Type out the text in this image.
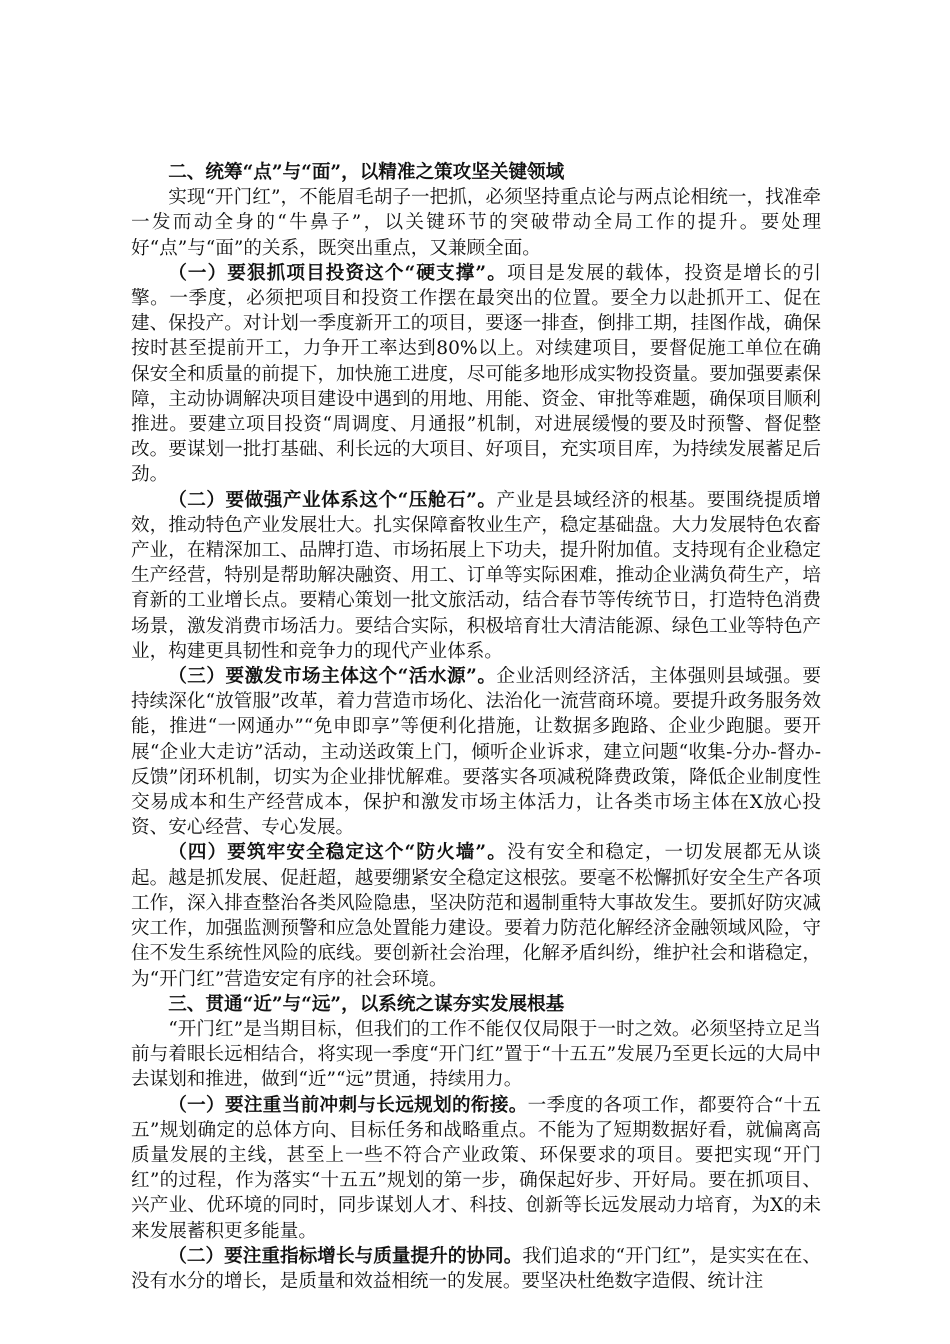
二、统筹“点”与“面”，以精准之策攻坚关键领域

实现“开门红”，不能眉毛胡子一把抓，必须坚持重点论与两点论相统一，找准牵一发而动全身的“牛鼻子”，以关键环节的突破带动全局工作的提升。要处理好“点”与“面”的关系，既突出重点，又兼顾全面。

（一）要狠抓项目投资这个“硬支撑”。项目是发展的载体，投资是增长的引擎。一季度，必须把项目和投资工作摆在最突出的位置。要全力以赴抓开工、促在建、保投产。对计划一季度新开工的项目，要逐一排查，倒排工期，挂图作战，确保按时甚至提前开工，力争开工率达到80%以上。对续建项目，要督促施工单位在确保安全和质量的前提下，加快施工进度，尽可能多地形成实物投资量。要加强要素保障，主动协调解决项目建设中遇到的用地、用能、资金、审批等难题，确保项目顺利推进。要建立项目投资“周调度、月通报”机制，对进展缓慢的要及时预警、督促整改。要谋划一批打基础、利长远的大项目、好项目，充实项目库，为持续发展蓄足后劲。

（二）要做强产业体系这个“压舱石”。产业是县域经济的根基。要围绕提质增效，推动特色产业发展壮大。扎实保障畜牧业生产，稳定基础盘。大力发展特色农畜产业，在精深加工、品牌打造、市场拓展上下功夫，提升附加值。支持现有企业稳定生产经营，特别是帮助解决融资、用工、订单等实际困难，推动企业满负荷生产，培育新的工业增长点。要精心策划一批文旅活动，结合春节等传统节日，打造特色消费场景，激发消费市场活力。要结合实际，积极培育壮大清洁能源、绿色工业等特色产业，构建更具韧性和竞争力的现代产业体系。

（三）要激发市场主体这个“活水源”。企业活则经济活，主体强则县域强。要持续深化“放管服”改革，着力营造市场化、法治化一流营商环境。要提升政务服务效能，推进“一网通办”“免申即享”等便利化措施，让数据多跑路、企业少跑腿。要开展“企业大走访”活动，主动送政策上门，倾听企业诉求，建立问题“收集-分办-督办-反馈”闭环机制，切实为企业排忧解难。要落实各项减税降费政策，降低企业制度性交易成本和生产经营成本，保护和激发市场主体活力，让各类市场主体在X放心投资、安心经营、专心发展。

（四）要筑牢安全稳定这个“防火墙”。没有安全和稳定，一切发展都无从谈起。越是抓发展、促赶超，越要绷紧安全稳定这根弦。要毫不松懈抓好安全生产各项工作，深入排查整治各类风险隐患，坚决防范和遏制重特大事故发生。要抓好防灾减灾工作，加强监测预警和应急处置能力建设。要着力防范化解经济金融领域风险，守住不发生系统性风险的底线。要创新社会治理，化解矛盾纠纷，维护社会和谐稳定，为“开门红”营造安定有序的社会环境。

三、贯通“近”与“远”，以系统之谋夯实发展根基

“开门红”是当期目标，但我们的工作不能仅仅局限于一时之效。必须坚持立足当前与着眼长远相结合，将实现一季度“开门红”置于“十五五”发展乃至更长远的大局中去谋划和推进，做到“近”“远”贯通，持续用力。

（一）要注重当前冲刺与长远规划的衔接。一季度的各项工作，都要符合“十五五”规划确定的总体方向、目标任务和战略重点。不能为了短期数据好看，就偏离高质量发展的主线，甚至上一些不符合产业政策、环保要求的项目。要把实现“开门红”的过程，作为落实“十五五”规划的第一步，确保起好步、开好局。要在抓项目、兴产业、优环境的同时，同步谋划人才、科技、创新等长远发展动力培育，为X的未来发展蓄积更多能量。

（二）要注重指标增长与质量提升的协同。我们追求的“开门红”，是实实在在、没有水分的增长，是质量和效益相统一的发展。要坚决杜绝数字造假、统计注
